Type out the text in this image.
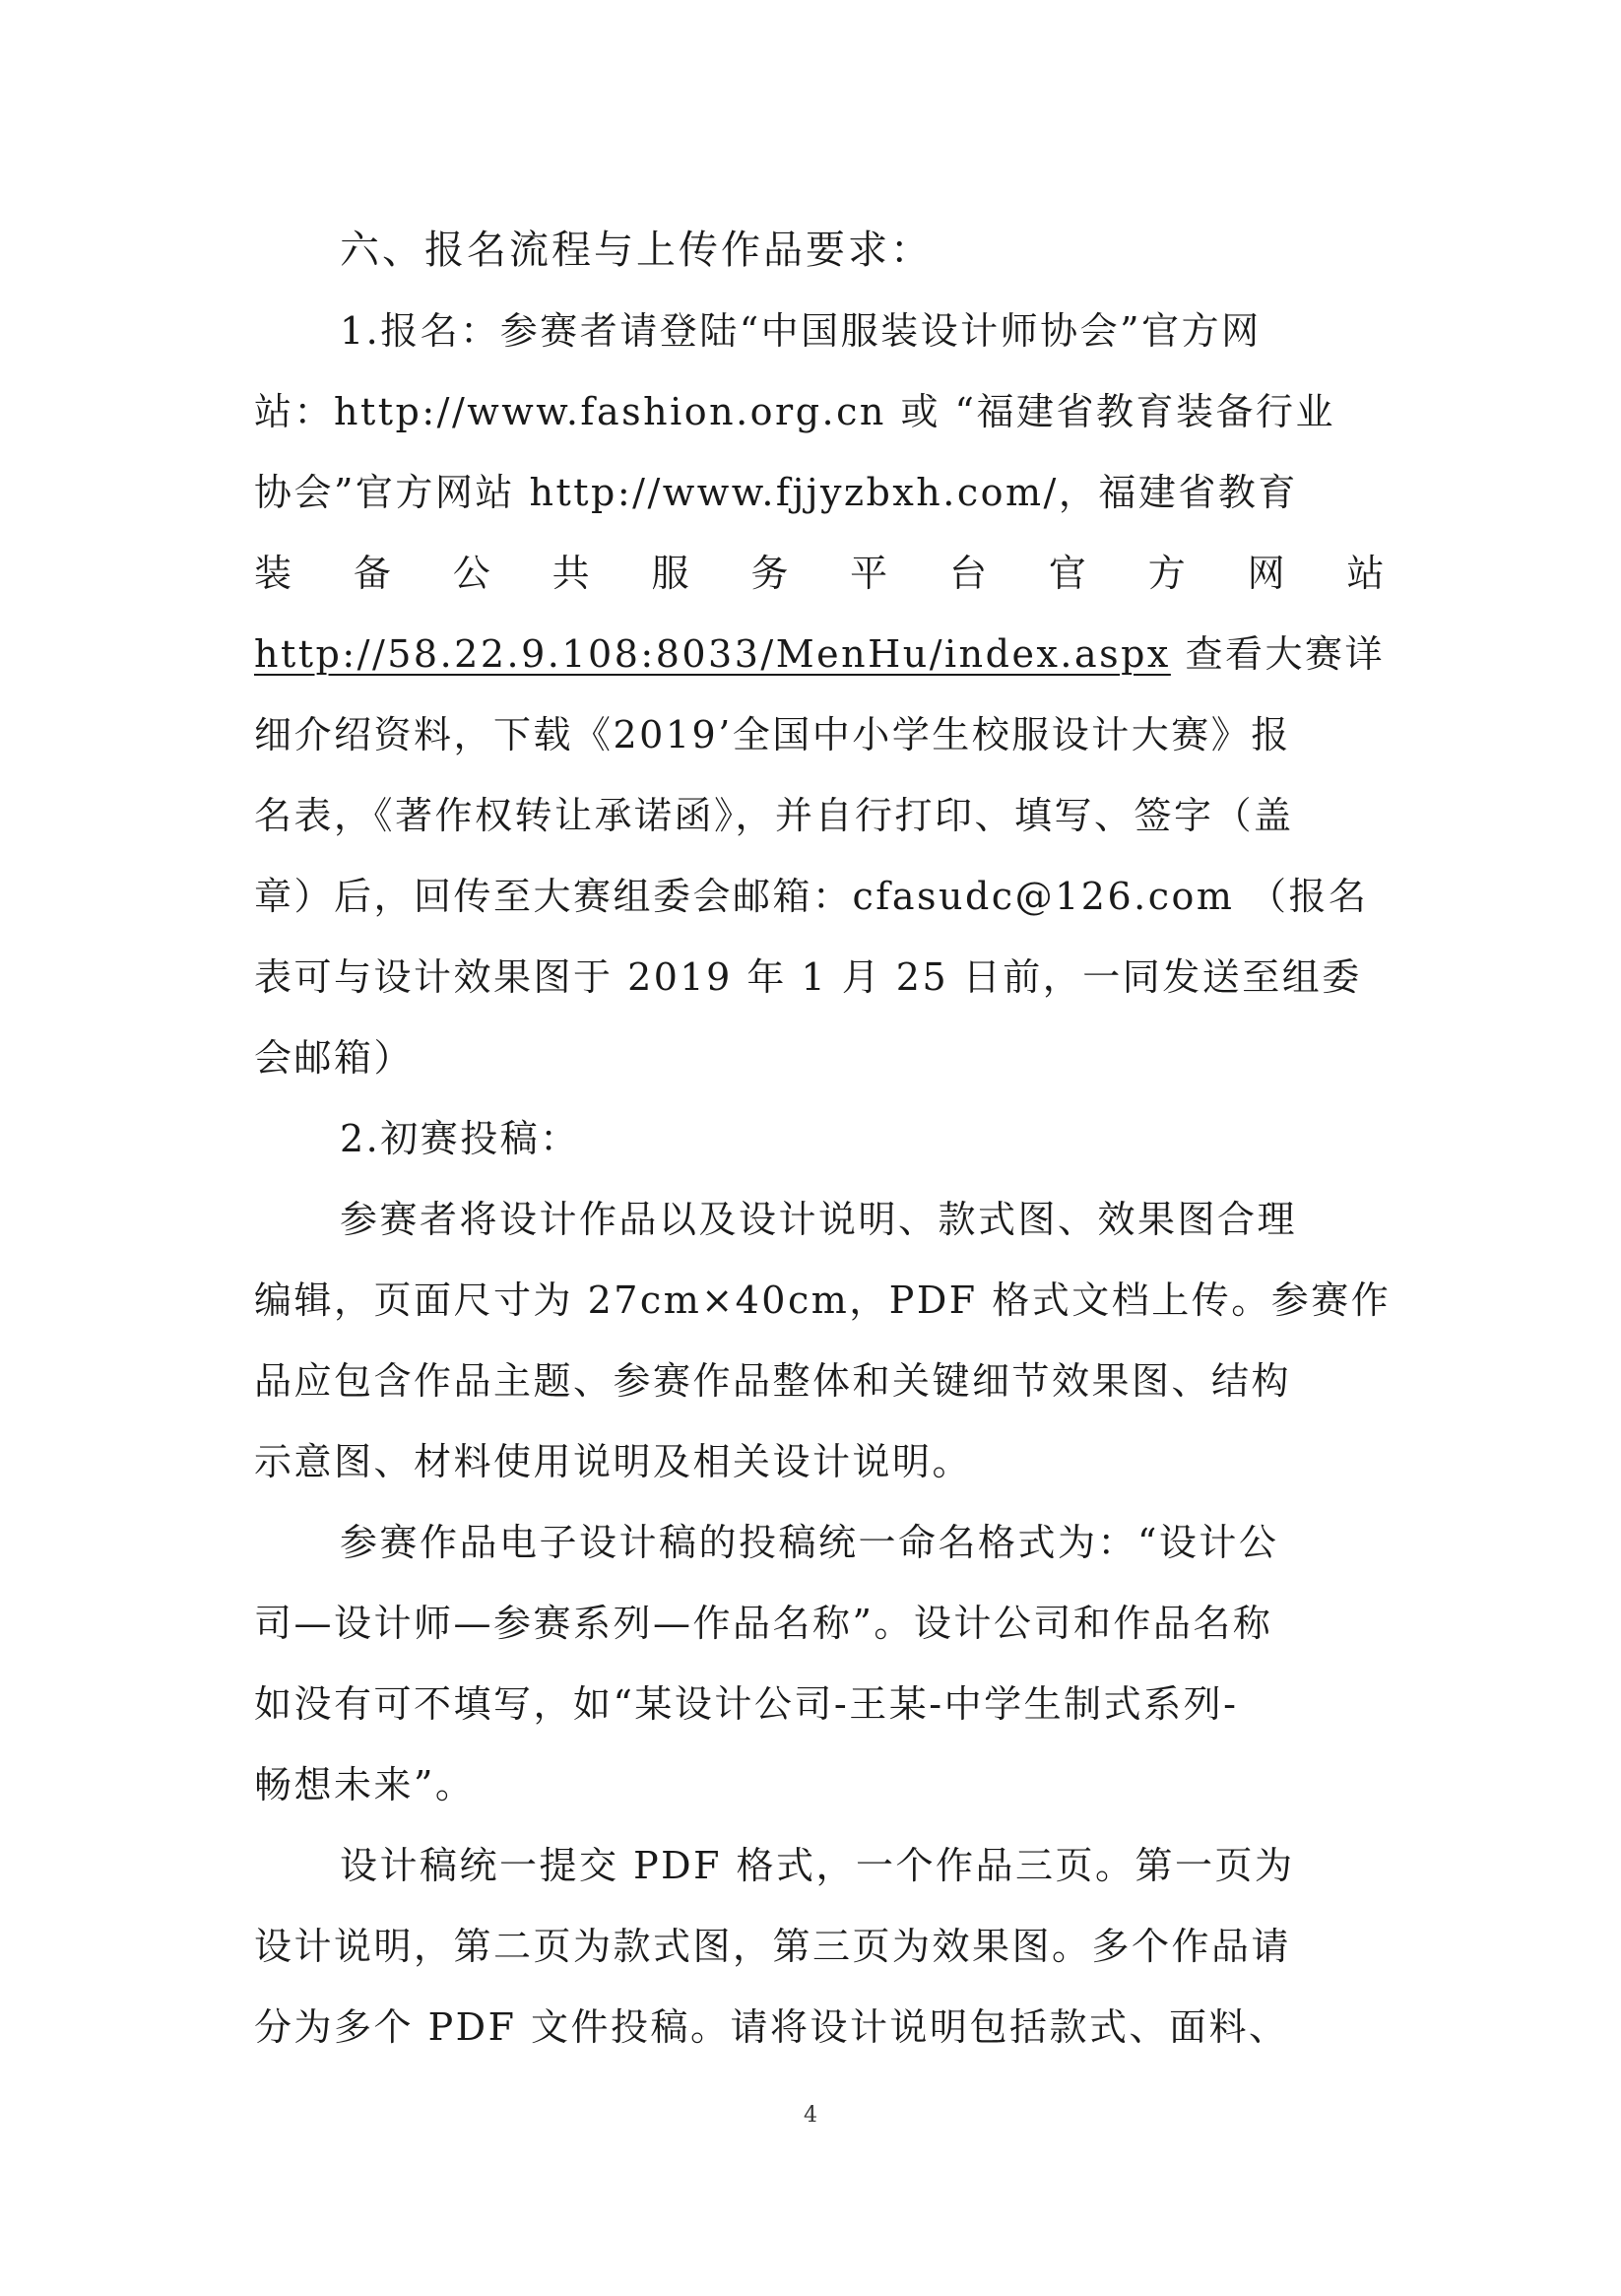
六、报名流程与上传作品要求：
1.报名：参赛者请登陆“中国服装设计师协会”官方网
站：http://www.fashion.org.cn 或 “福建省教育装备行业
协会”官方网站 http://www.fjjyzbxh.com/，福建省教育
装 备 公 共 服 务 平 台 官 方 网 站
http://58.22.9.108:8033/MenHu/index.aspx 查看大赛详
细介绍资料，下载《2019’全国中小学生校服设计大赛》报
名表，《著作权转让承诺函》，并自行打印、填写、签字（盖
章）后，回传至大赛组委会邮箱：cfasudc@126.com （报名
表可与设计效果图于 2019 年 1 月 25 日前，一同发送至组委
会邮箱）
2.初赛投稿：
参赛者将设计作品以及设计说明、款式图、效果图合理
编辑，页面尺寸为 27cm×40cm，PDF 格式文档上传。参赛作
品应包含作品主题、参赛作品整体和关键细节效果图、结构
示意图、材料使用说明及相关设计说明。
参赛作品电子设计稿的投稿统一命名格式为：“设计公
司—设计师—参赛系列—作品名称”。设计公司和作品名称
如没有可不填写，如“某设计公司-王某-中学生制式系列-
畅想未来”。
设计稿统一提交 PDF 格式，一个作品三页。第一页为
设计说明，第二页为款式图，第三页为效果图。多个作品请
分为多个 PDF 文件投稿。请将设计说明包括款式、面料、
4
